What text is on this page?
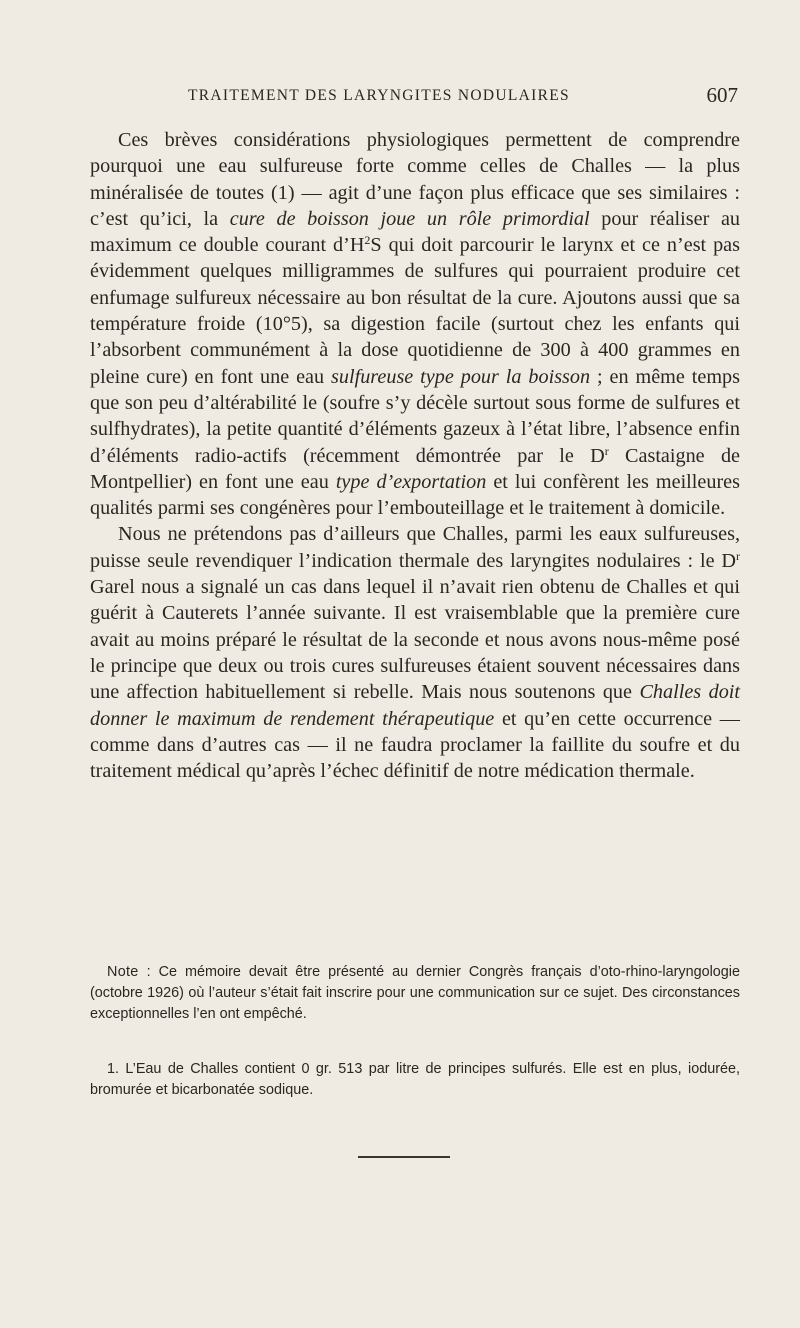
TRAITEMENT DES LARYNGITES NODULAIRES	607

Ces brèves considérations physiologiques permettent de comprendre pourquoi une eau sulfureuse forte comme celles de Challes — la plus minéralisée de toutes (1) — agit d’une façon plus efficace que ses similaires : c’est qu’ici, la cure de boisson joue un rôle primordial pour réaliser au maximum ce double courant $d’H^2S$ qui doit parcourir le larynx et ce n’est pas évidemment quelques milligrammes de sulfures qui pourraient produire cet enfumage sulfureux nécessaire au bon résultat de la cure. Ajoutons aussi que sa température froide (10°5), sa digestion facile (surtout chez les enfants qui l’absorbent communément à la dose quotidienne de 300 à 400 grammes en pleine cure) en font une eau sulfureuse type pour la boisson ; en même temps que son peu d’altérabilité le (soufre s’y décèle surtout sous forme de sulfures et sulfhydrates), la petite quantité d’éléments gazeux à l’état libre, l’absence enfin d’éléments radio-actifs (récemment démontrée par le $D^r$ Castaigne de Montpellier) en font une eau type d’exportation et lui confèrent les meilleures qualités parmi ses congénères pour l’embouteillage et le traitement à domicile.

Nous ne prétendons pas d’ailleurs que Challes, parmi les eaux sulfureuses, puisse seule revendiquer l’indication thermale des laryngites nodulaires : le $D^r$ Garel nous a signalé un cas dans lequel il n’avait rien obtenu de Challes et qui guérit à Cauterets l’année suivante. Il est vraisemblable que la première cure avait au moins préparé le résultat de la seconde et nous avons nous-même posé le principe que deux ou trois cures sulfureuses étaient souvent nécessaires dans une affection habituellement si rebelle. Mais nous soutenons que Challes doit donner le maximum de rendement thérapeutique et qu’en cette occurrence — comme dans d’autres cas — il ne faudra proclamer la faillite du soufre et du traitement médical qu’après l’échec définitif de notre médication thermale.

Note : Ce mémoire devait être présenté au dernier Congrès français d’oto-rhino-laryngologie (octobre 1926) où l’auteur s’était fait inscrire pour une communication sur ce sujet. Des circonstances exceptionnelles l’en ont empêché.
1. L’Eau de Challes contient 0 gr. 513 par litre de principes sulfurés. Elle est en plus, iodurée, bromurée et bicarbonatée sodique.
